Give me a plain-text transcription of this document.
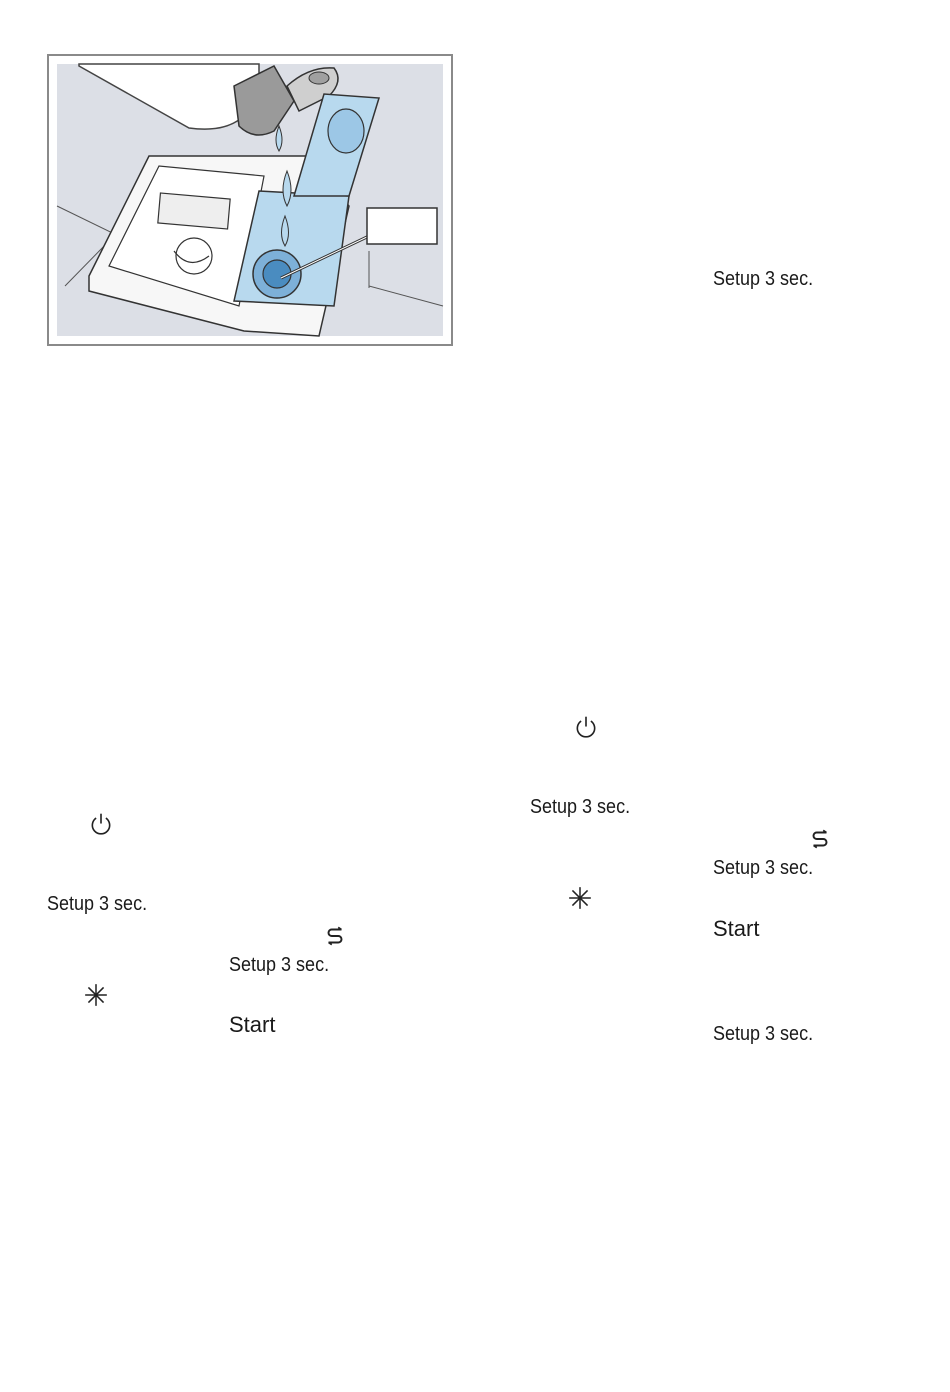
Setup 3 sec.
Setup 3 sec.
Setup 3 sec.
Start
Setup 3 sec.
Setup 3 sec.
Start
Setup 3 sec.
